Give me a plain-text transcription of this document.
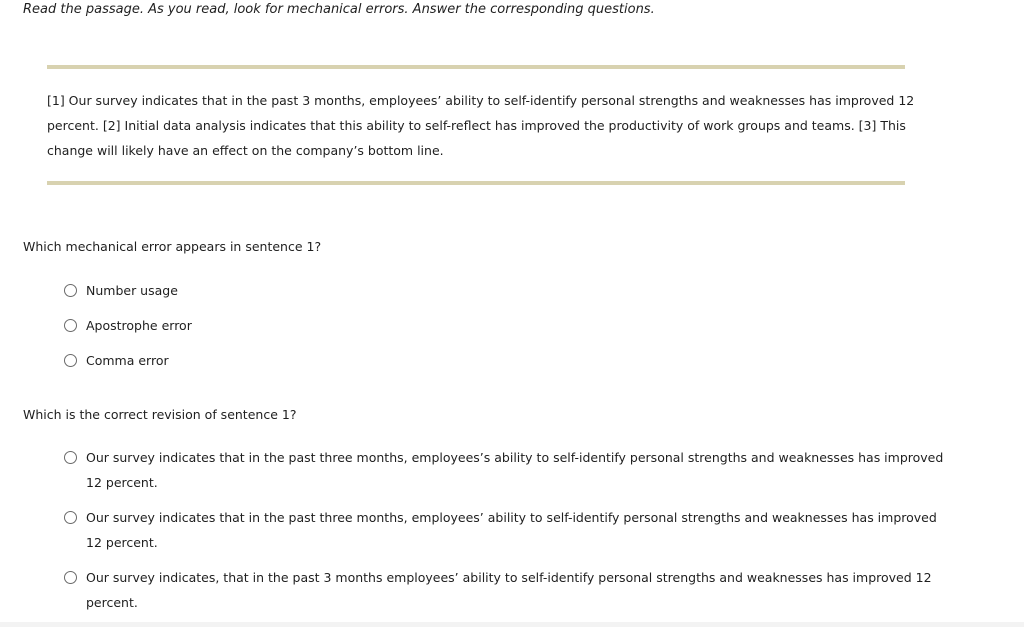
Read the passage. As you read, look for mechanical errors. Answer the corresponding questions.

[1] Our survey indicates that in the past 3 months, employees’ ability to self-identify personal strengths and weaknesses has improved 12 percent. [2] Initial data analysis indicates that this ability to self-reflect has improved the productivity of work groups and teams. [3] This change will likely have an effect on the company’s bottom line.

Which mechanical error appears in sentence 1?
Number usage
Apostrophe error
Comma error
Which is the correct revision of sentence 1?
Our survey indicates that in the past three months, employees’s ability to self-identify personal strengths and weaknesses has improved 12 percent.
Our survey indicates that in the past three months, employees’ ability to self-identify personal strengths and weaknesses has improved 12 percent.
Our survey indicates, that in the past 3 months employees’ ability to self-identify personal strengths and weaknesses has improved 12 percent.
